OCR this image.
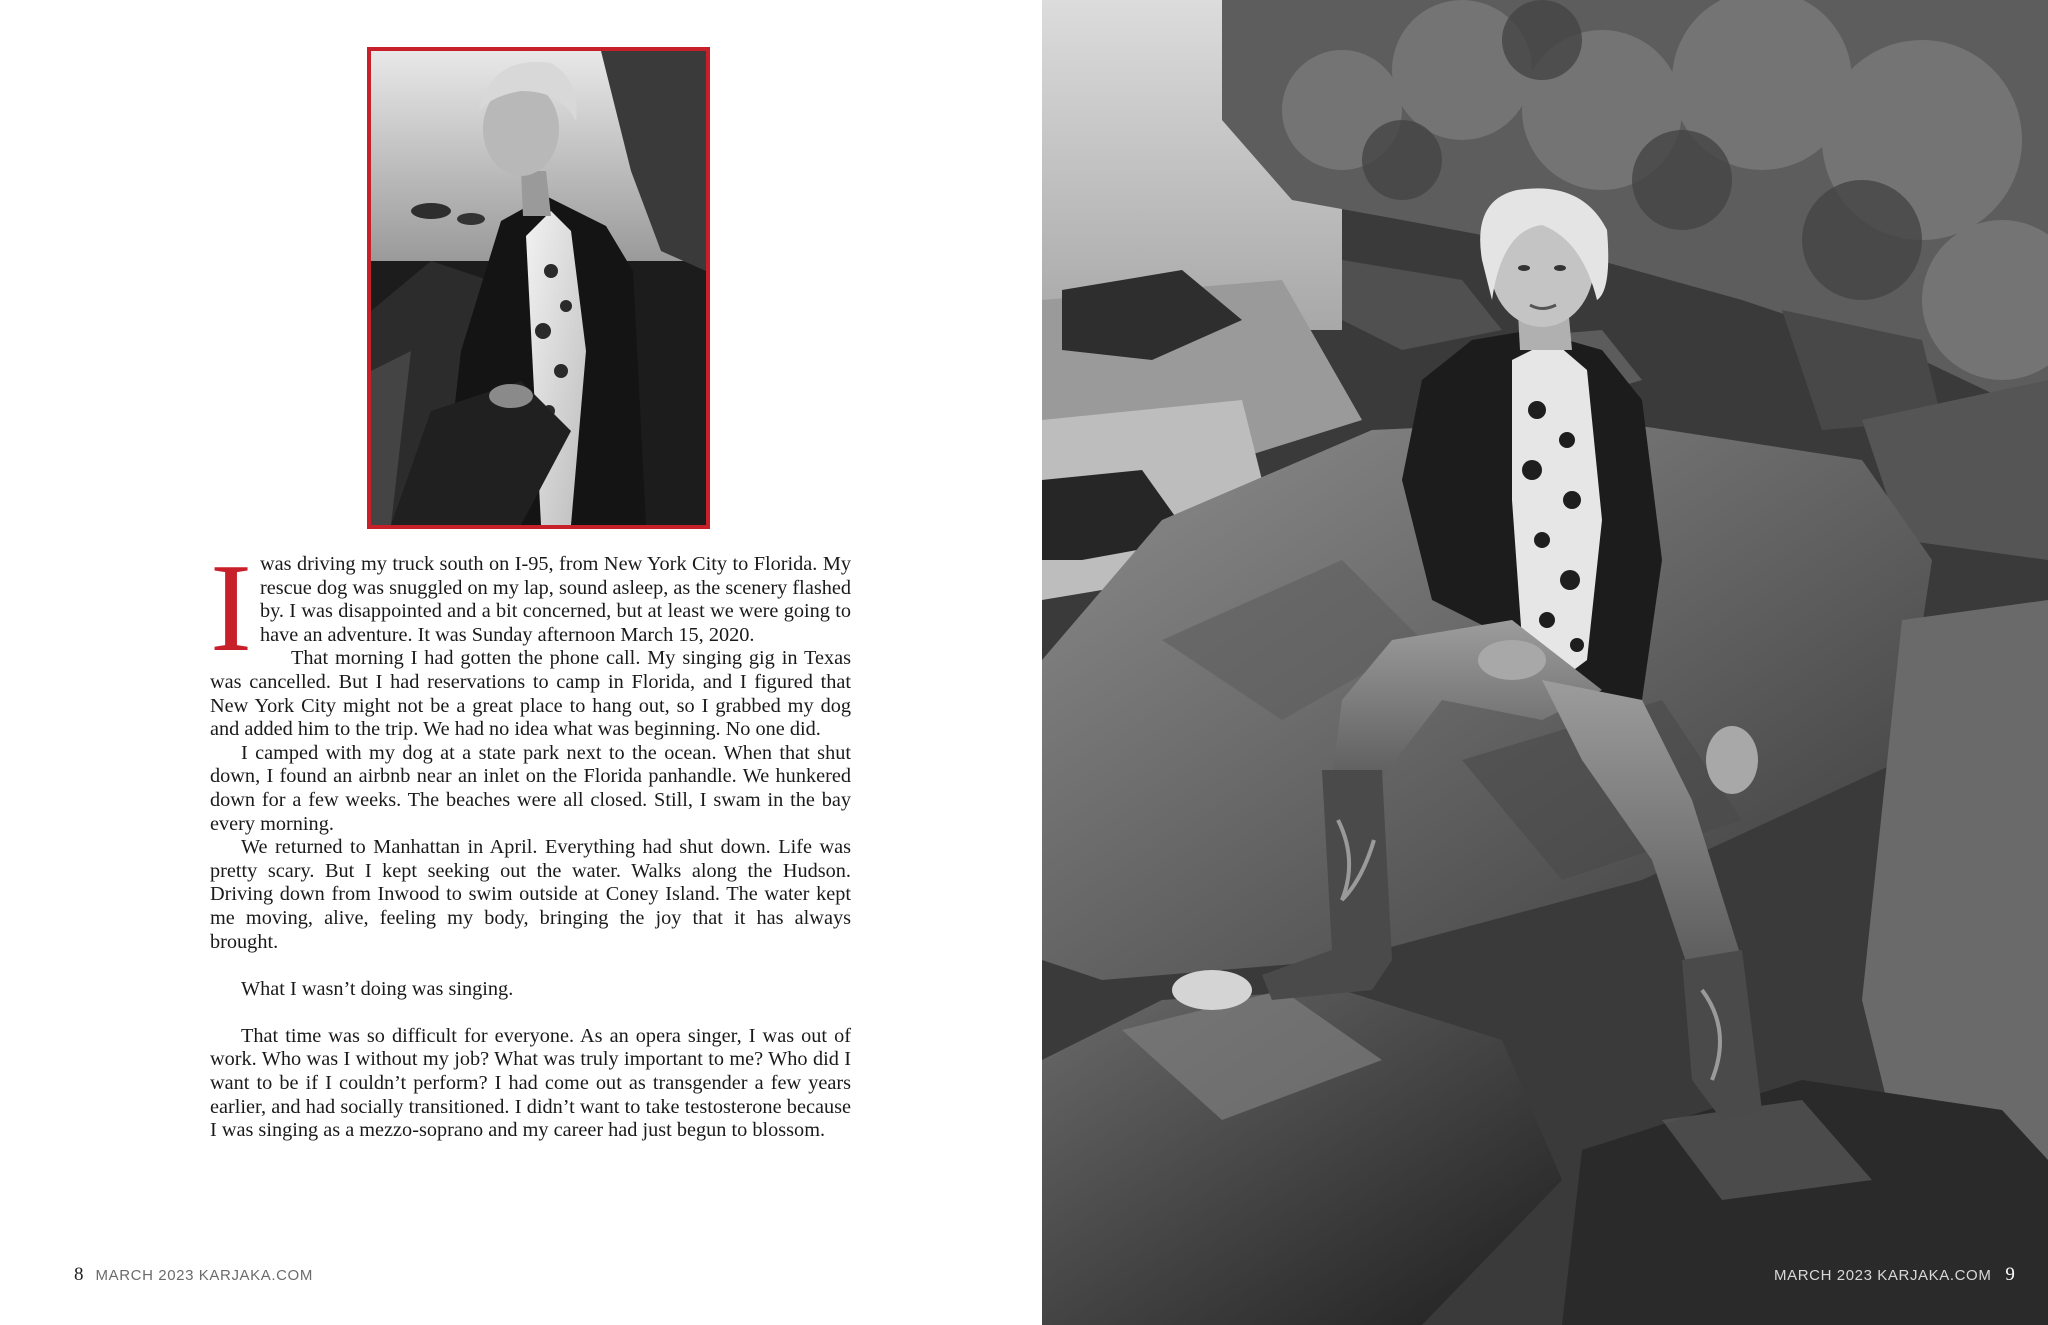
I was driving my truck south on I-95, from New York City to Florida. My rescue dog was snuggled on my lap, sound asleep, as the scenery flashed by. I was disappointed and a bit concerned, but at least we were going to have an adventure. It was Sunday afternoon March 15, 2020.

That morning I had gotten the phone call. My singing gig in Texas was cancelled. But I had reservations to camp in Florida, and I figured that New York City might not be a great place to hang out, so I grabbed my dog and added him to the trip. We had no idea what was beginning. No one did.

I camped with my dog at a state park next to the ocean. When that shut down, I found an airbnb near an inlet on the Florida panhandle. We hunkered down for a few weeks. The beaches were all closed. Still, I swam in the bay every morning.

We returned to Manhattan in April. Everything had shut down. Life was pretty scary. But I kept seeking out the water. Walks along the Hudson. Driving down from Inwood to swim outside at Coney Island. The water kept me moving, alive, feeling my body, bringing the joy that it has always brought.

What I wasn’t doing was singing.

That time was so difficult for everyone. As an opera singer, I was out of work. Who was I without my job? What was truly important to me? Who did I want to be if I couldn’t perform? I had come out as transgender a few years earlier, and had socially transitioned. I didn’t want to take testosterone because I was singing as a mezzo-soprano and my career had just begun to blossom.

8 MARCH 2023 KARJAKA.COM	MARCH 2023 KARJAKA.COM 9
